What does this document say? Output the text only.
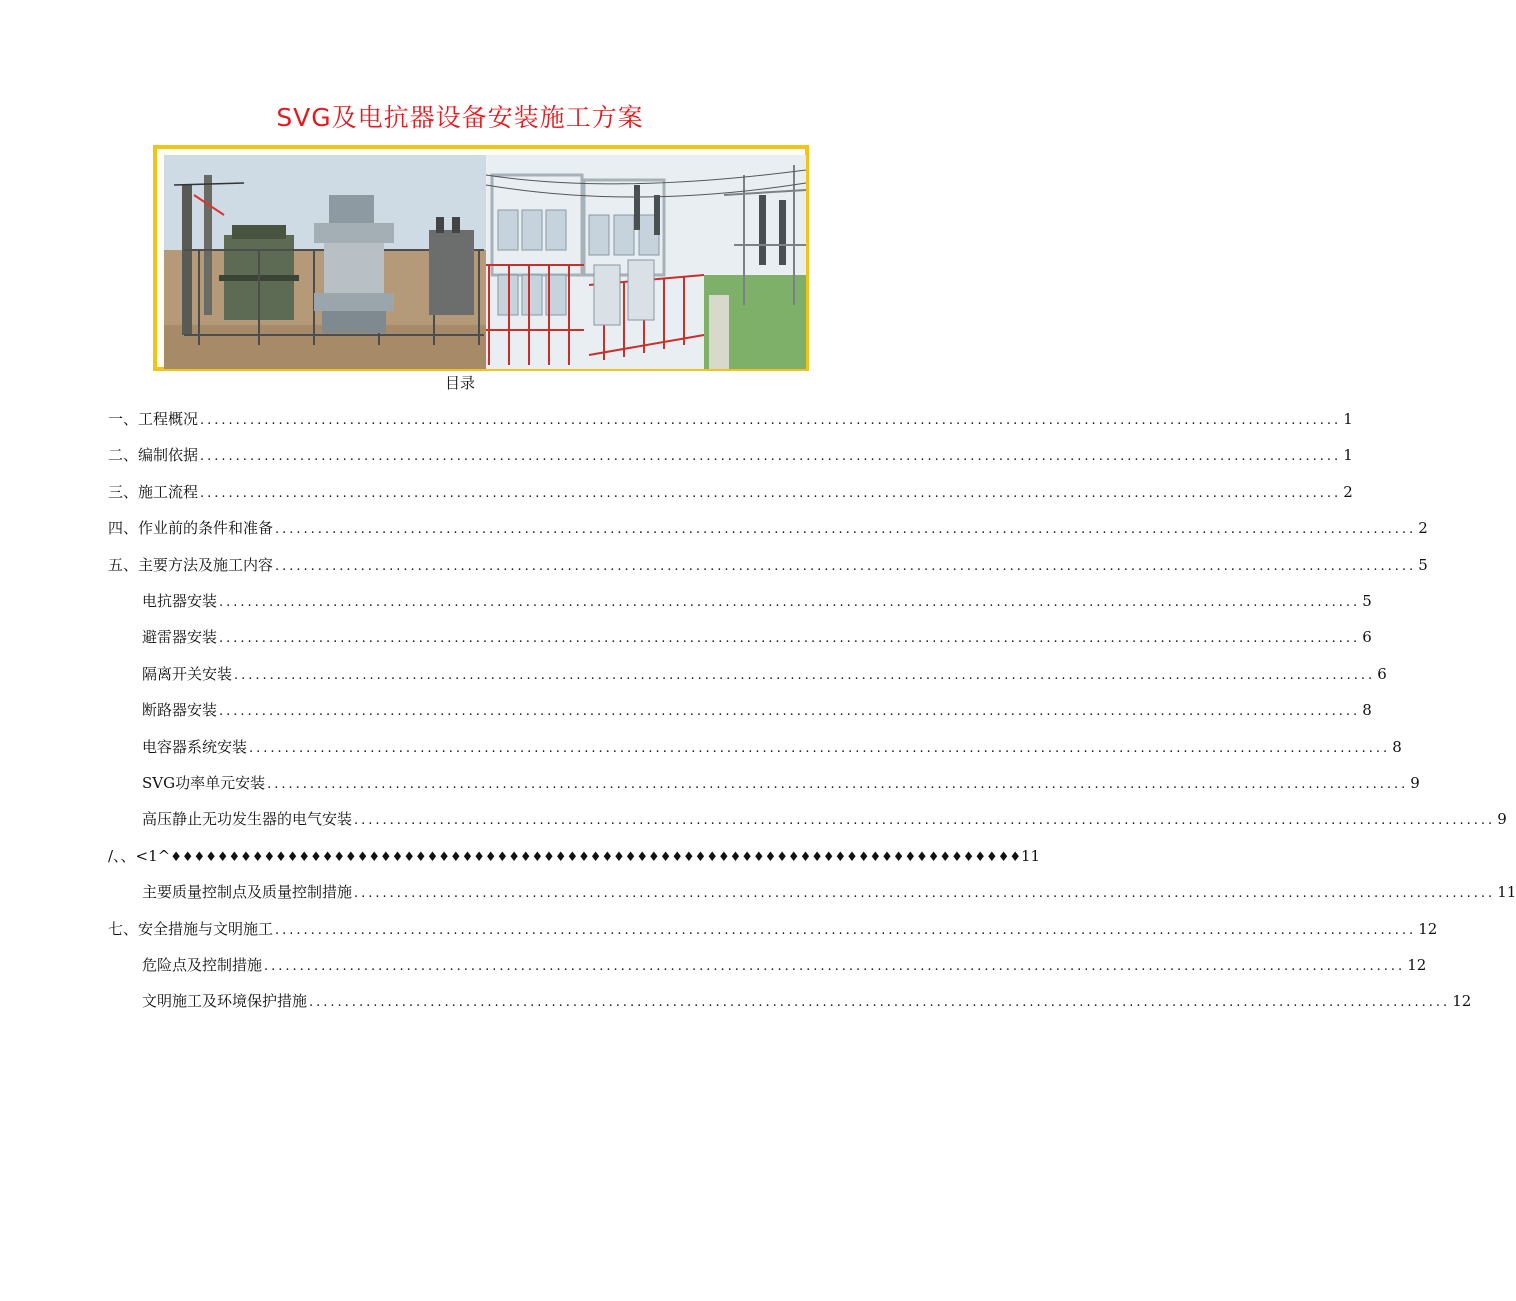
SVG及电抗器设备安装施工方案
目录
一、工程概况 ................................................................................................................................................................ 1
二、编制依据 ................................................................................................................................................................ 1
三、施工流程 ................................................................................................................................................................ 2
四、作业前的条件和准备 ................................................................................................................................................................ 2
五、主要方法及施工内容 ................................................................................................................................................................ 5
电抗器安装 ................................................................................................................................................................ 5
避雷器安装 ................................................................................................................................................................ 6
隔离开关安装 ................................................................................................................................................................ 6
断路器安装 ................................................................................................................................................................ 8
电容器系统安装 ................................................................................................................................................................ 8
SVG功率单元安装 ................................................................................................................................................................ 9
高压静止无功发生器的电气安装 ................................................................................................................................................................ 9
/、、<1^ ♦♦♦♦♦♦♦♦♦♦♦♦♦♦♦♦♦♦♦♦♦♦♦♦♦♦♦♦♦♦♦♦♦♦♦♦♦♦♦♦♦♦♦♦♦♦♦♦♦♦♦♦♦♦♦♦♦♦♦♦♦♦♦♦♦♦♦♦♦♦♦♦♦ 11
主要质量控制点及质量控制措施 ................................................................................................................................................................ 11
七、安全措施与文明施工 ................................................................................................................................................................ 12
危险点及控制措施 ................................................................................................................................................................ 12
文明施工及环境保护措施 ................................................................................................................................................................ 12
